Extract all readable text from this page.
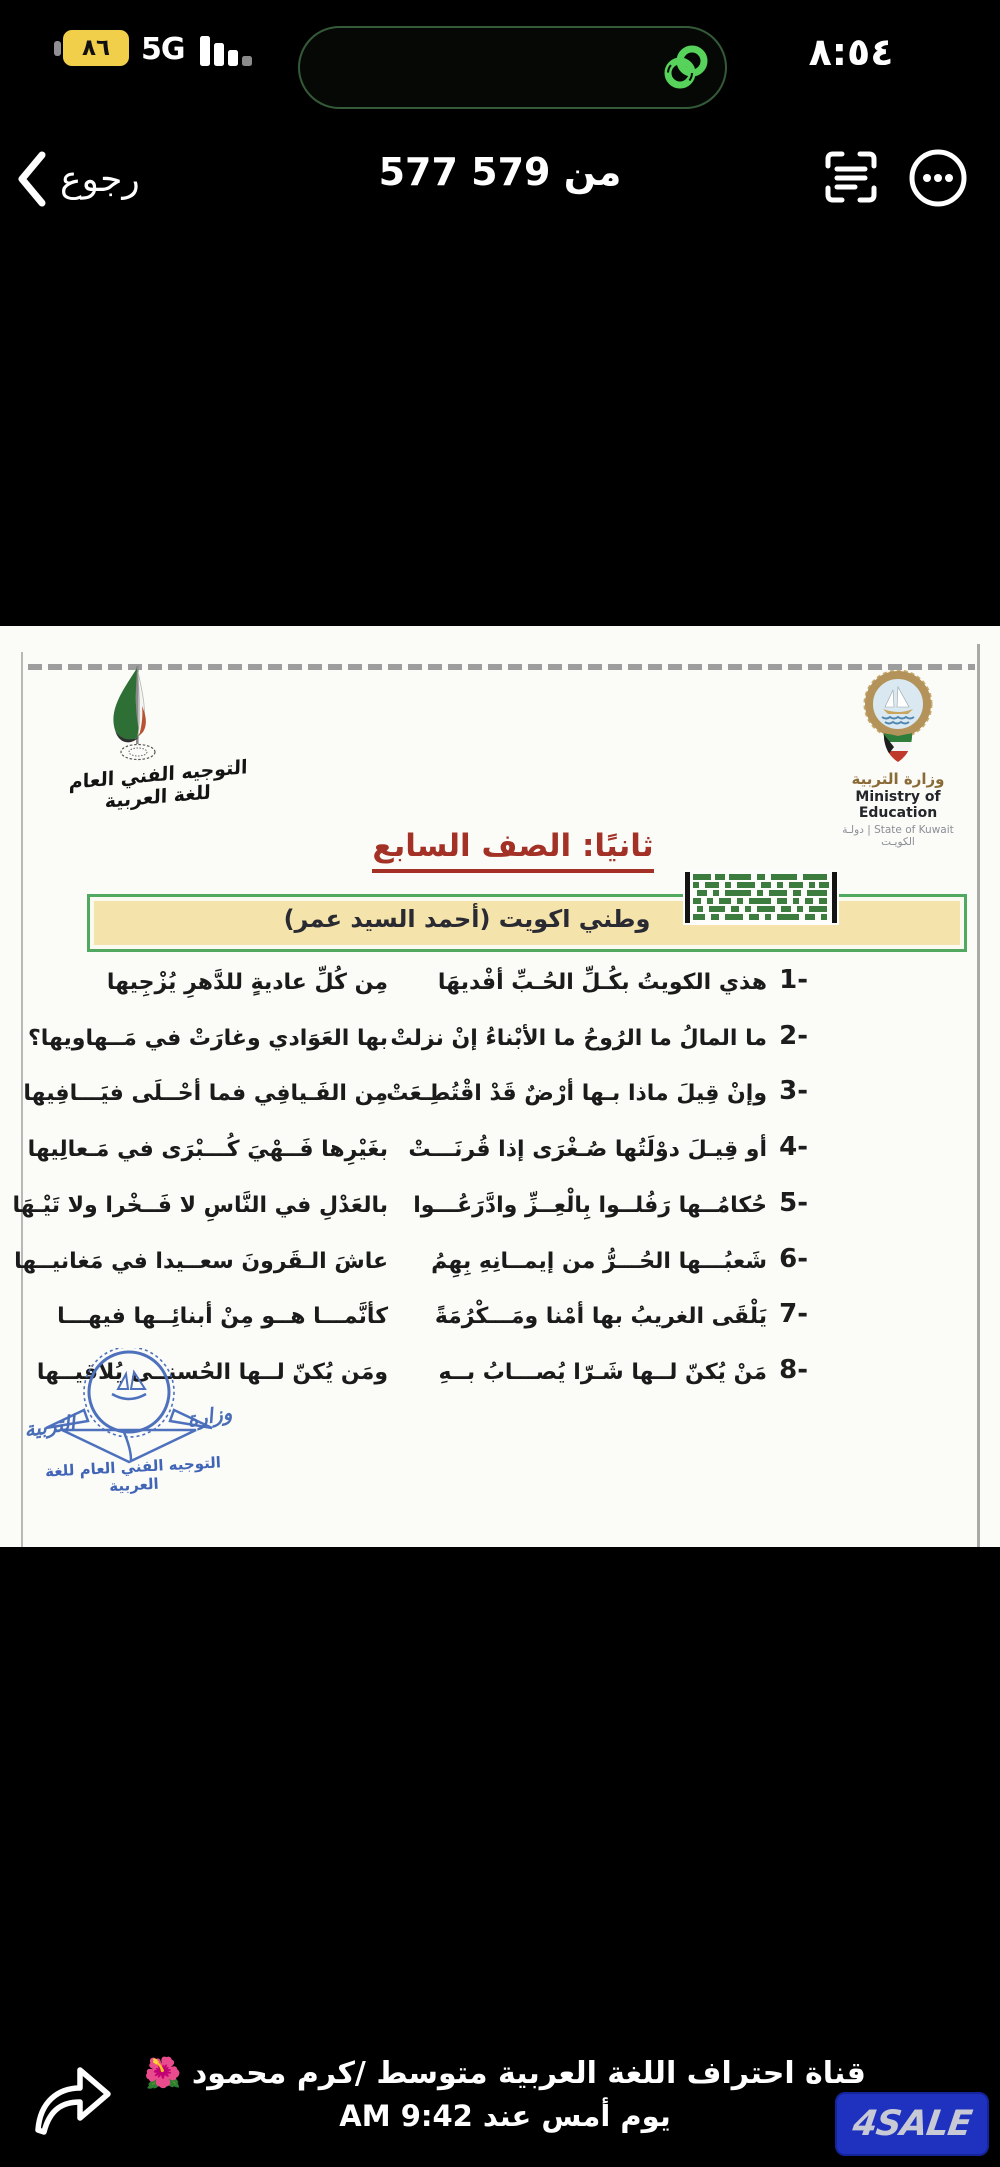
٨٦ 5G	٨:٥٤
رجوع	577 من 579
التوجيه الفني العام للغة العربية
وزارة التربية
Ministry of Education
State of Kuwait | دولـة الكويـت
ثانيًا: الصف السابع
وطني اكويت (أحمد السيد عمر)
1-
هذي الكويتُ بكُـلِّ الحُـبِّ أفْديهَا
مِن كُلِّ عاديةٍ للدَّهرِ يُزْجِيها
2-
ما المالُ ما الرُوحُ ما الأبْناءُ إنْ نزلتْ
بها العَوَادي وغارَتْ في مَــهاويها؟
3-
وإنْ قِيلَ ماذا بـها أرْضٌ قَدْ اقْتُطِـعَتْ
مِن الفَـيافِي فما أحْــلَى فيَـــافِيها
4-
أو قِيـلَ دوْلَتُها صُـغْرَى إذا قُرنَـــتْ
بغَيْرِها فَــهْيَ كُـــبْرَى في مَـعالِيها
5-
حُكامُــها رَفُلــوا بِالْعِــزِّ وادَّرَعُـــوا
بالعَدْلِ في النَّاسِ لا فَــخْرا ولا تَيْـهَا
6-
شَعبُـــها الحُـــرُّ من إيمــانِهِ بِهِمُ
عاشَ الـقَرونَ سعــيدا في مَغانيــها
7-
يَلْقَى الغريبُ بها أمْنا ومَـــكْرُمَةً
كأنَّمـــا هــو مِنْ أبنائِــها فيهـــا
8-
مَنْ يُكنّ لــها شَـرّا يُصـــابُ بــهِ
ومَن يُكنّ لــها الحُسنــى يُلاقيــها
وزارة
التربية
التوجيه الفني العام للغة العربية
قناة احتراف اللغة العربية متوسط /كرم محمود 🌺
يوم أمس عند 9:42 AM	4SALE
